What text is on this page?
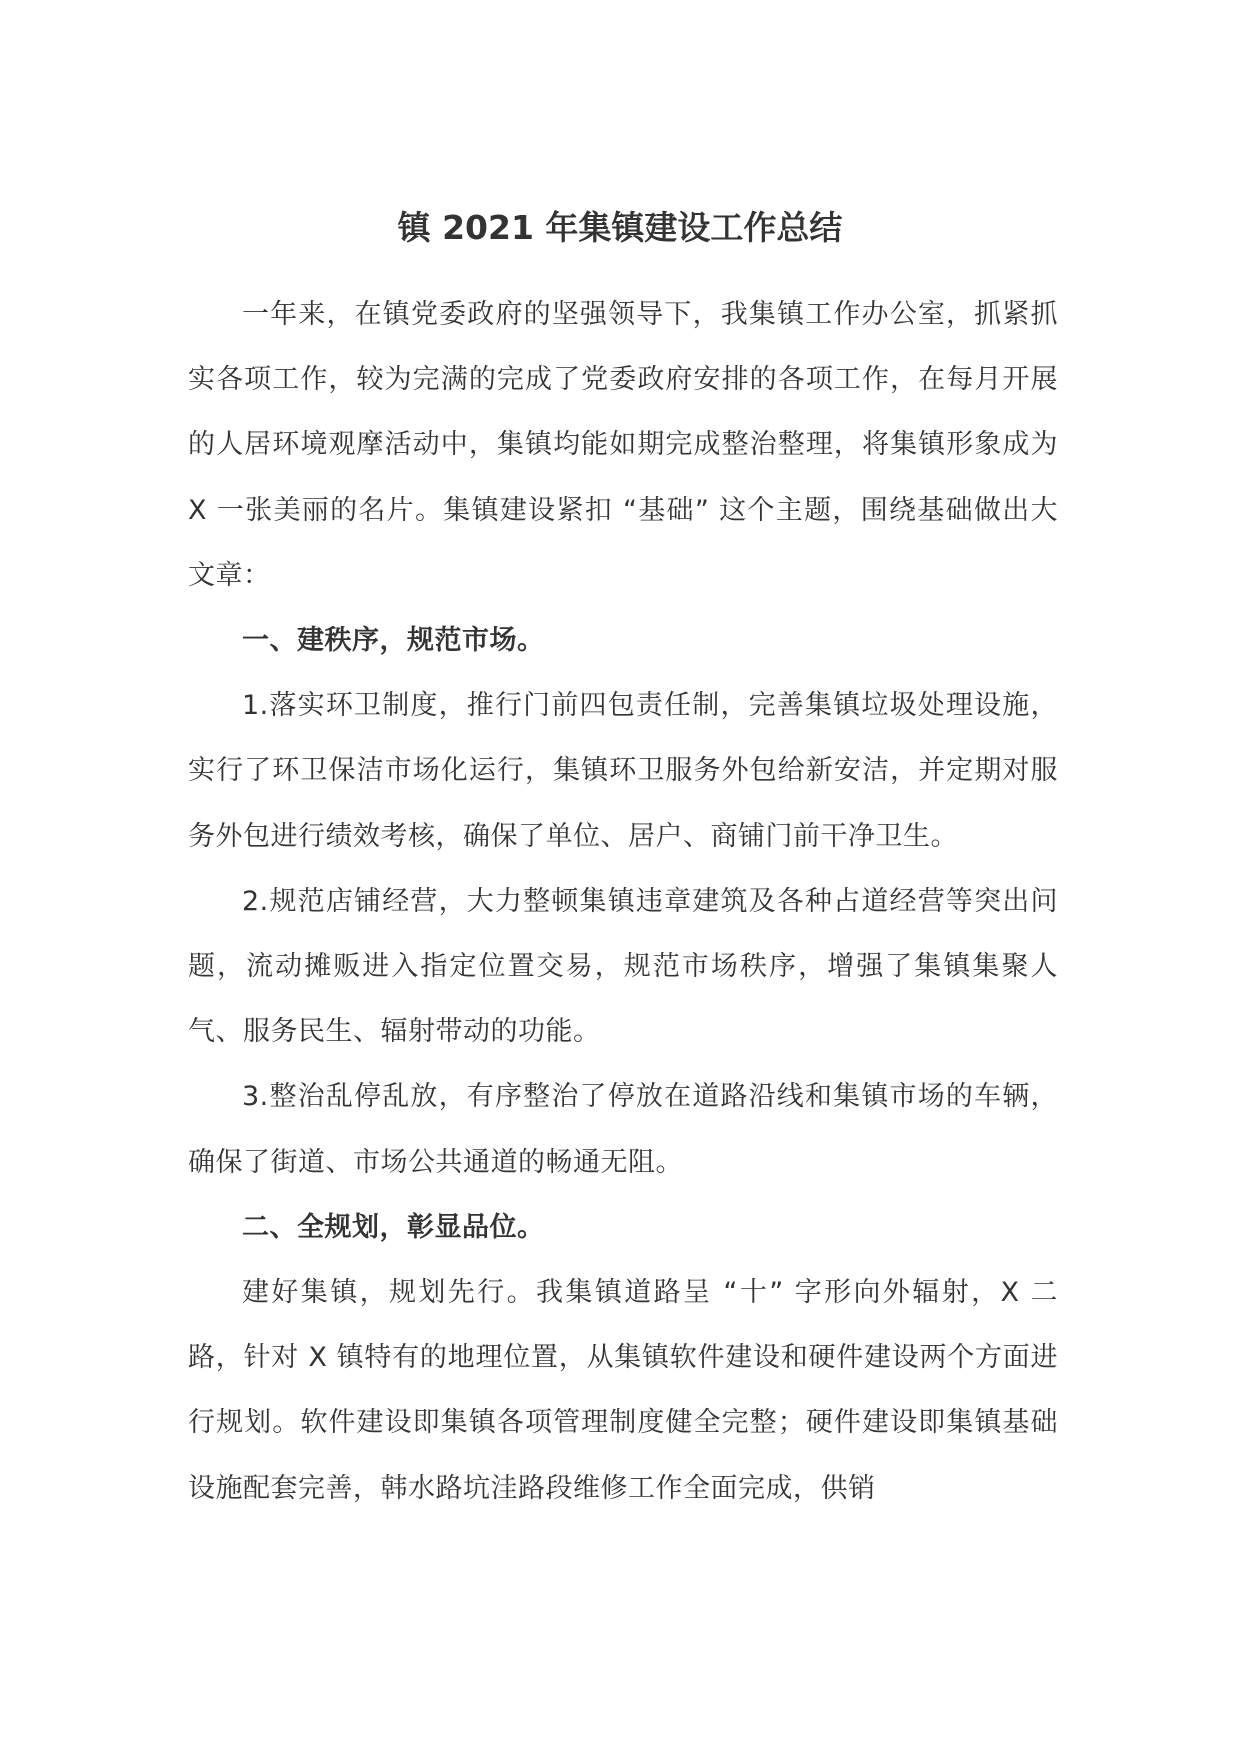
镇 2021 年集镇建设工作总结

一年来，在镇党委政府的坚强领导下，我集镇工作办公室，抓紧抓实各项工作，较为完满的完成了党委政府安排的各项工作，在每月开展的人居环境观摩活动中，集镇均能如期完成整治整理，将集镇形象成为 X 一张美丽的名片。集镇建设紧扣 “基础” 这个主题，围绕基础做出大文章：

一、建秩序，规范市场。

1.落实环卫制度，推行门前四包责任制，完善集镇垃圾处理设施，实行了环卫保洁市场化运行，集镇环卫服务外包给新安洁，并定期对服务外包进行绩效考核，确保了单位、居户、商铺门前干净卫生。

2.规范店铺经营，大力整顿集镇违章建筑及各种占道经营等突出问题，流动摊贩进入指定位置交易，规范市场秩序，增强了集镇集聚人气、服务民生、辐射带动的功能。

3.整治乱停乱放，有序整治了停放在道路沿线和集镇市场的车辆，确保了街道、市场公共通道的畅通无阻。

二、全规划，彰显品位。

建好集镇，规划先行。我集镇道路呈 “十” 字形向外辐射，X 二路，针对 X 镇特有的地理位置，从集镇软件建设和硬件建设两个方面进行规划。软件建设即集镇各项管理制度健全完整；硬件建设即集镇基础设施配套完善，韩水路坑洼路段维修工作全面完成，供销
